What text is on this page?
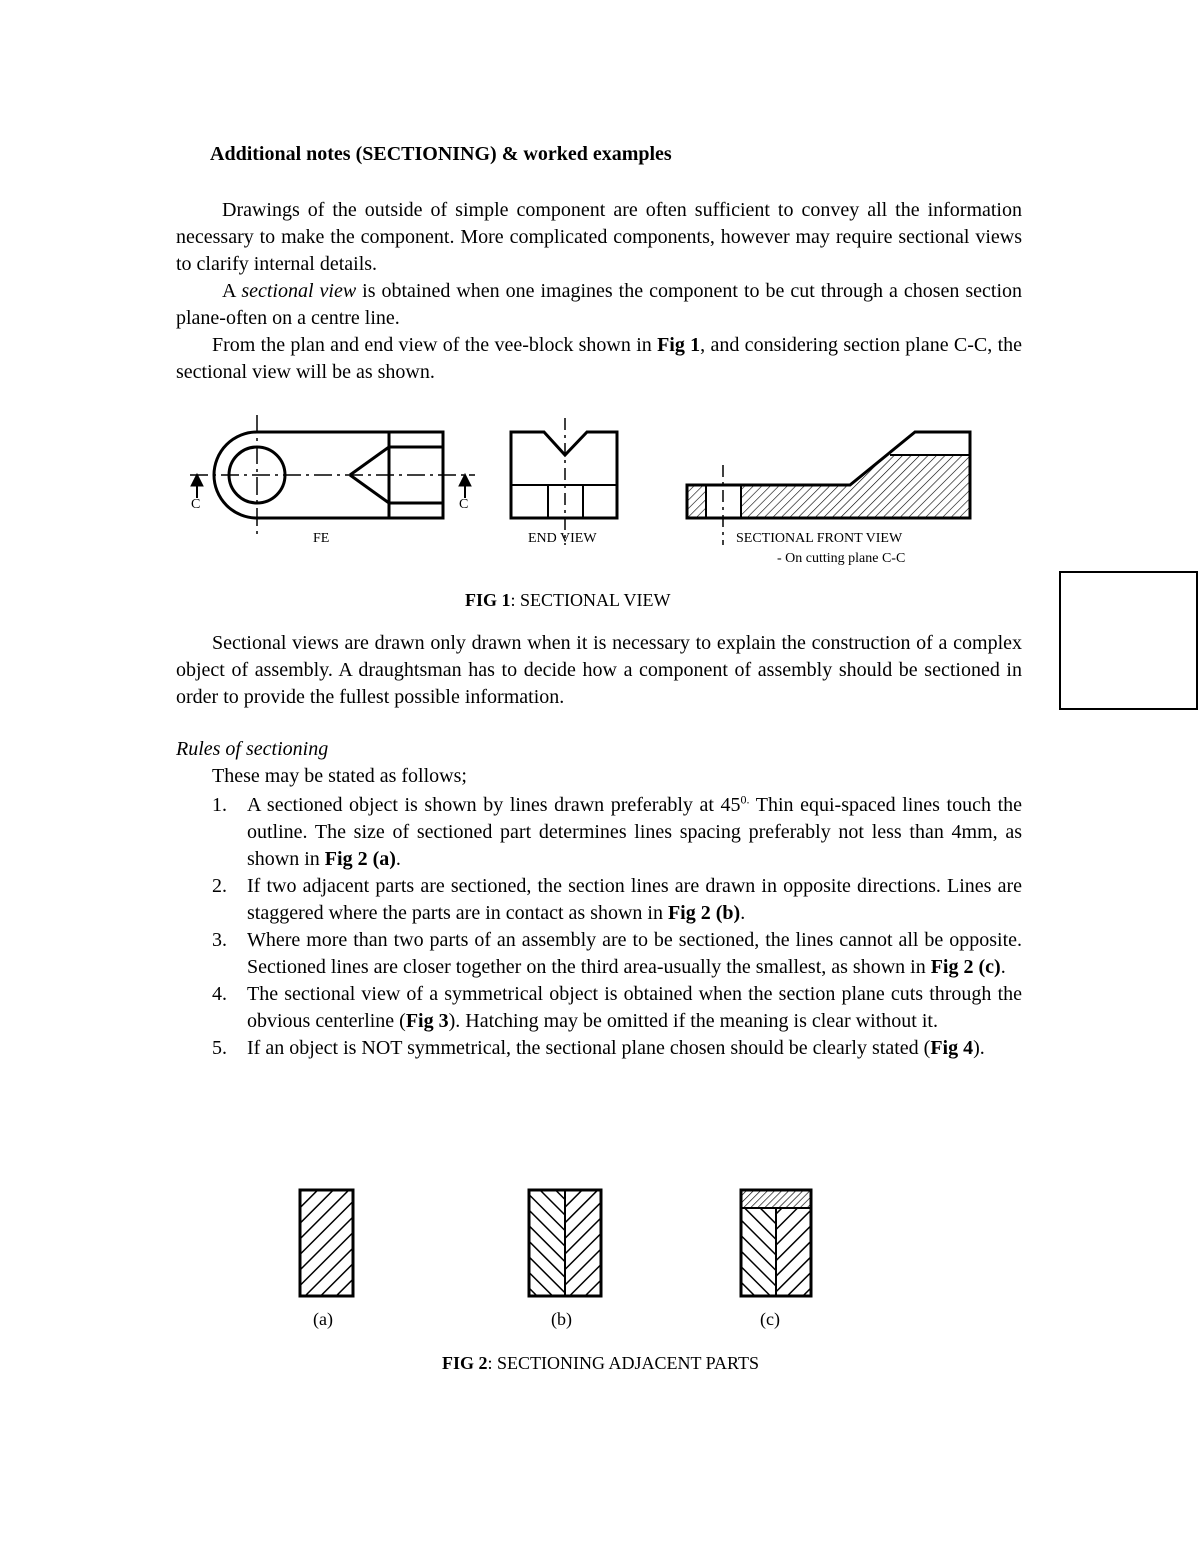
Additional notes (SECTIONING) & worked examples
Drawings of the outside of simple component are often sufficient to convey all the information necessary to make the component. More complicated components, however may require sectional views to clarify internal details.
A sectional view is obtained when one imagines the component to be cut through a chosen section plane-often on a centre line.
From the plan and end view of the vee-block shown in Fig 1, and considering section plane C-C, the sectional view will be as shown.
C	C
FE	END VIEW	SECTIONAL FRONT VIEW
- On cutting plane C-C
FIG 1: SECTIONAL VIEW
Sectional views are drawn only drawn when it is necessary to explain the construction of a complex object of assembly. A draughtsman has to decide how a component of assembly should be sectioned in order to provide the fullest possible information.
Rules of sectioning
These may be stated as follows;
1. A sectioned object is shown by lines drawn preferably at $45^{0.}$ Thin equi-spaced lines touch the outline. The size of sectioned part determines lines spacing preferably not less than 4mm, as shown in Fig 2 (a).
2. If two adjacent parts are sectioned, the section lines are drawn in opposite directions. Lines are staggered where the parts are in contact as shown in Fig 2 (b).
3. Where more than two parts of an assembly are to be sectioned, the lines cannot all be opposite. Sectioned lines are closer together on the third area-usually the smallest, as shown in Fig 2 (c).
4. The sectional view of a symmetrical object is obtained when the section plane cuts through the obvious centerline (Fig 3). Hatching may be omitted if the meaning is clear without it.
5. If an object is NOT symmetrical, the sectional plane chosen should be clearly stated (Fig 4).
(a)	(b)	(c)
FIG 2: SECTIONING ADJACENT PARTS
